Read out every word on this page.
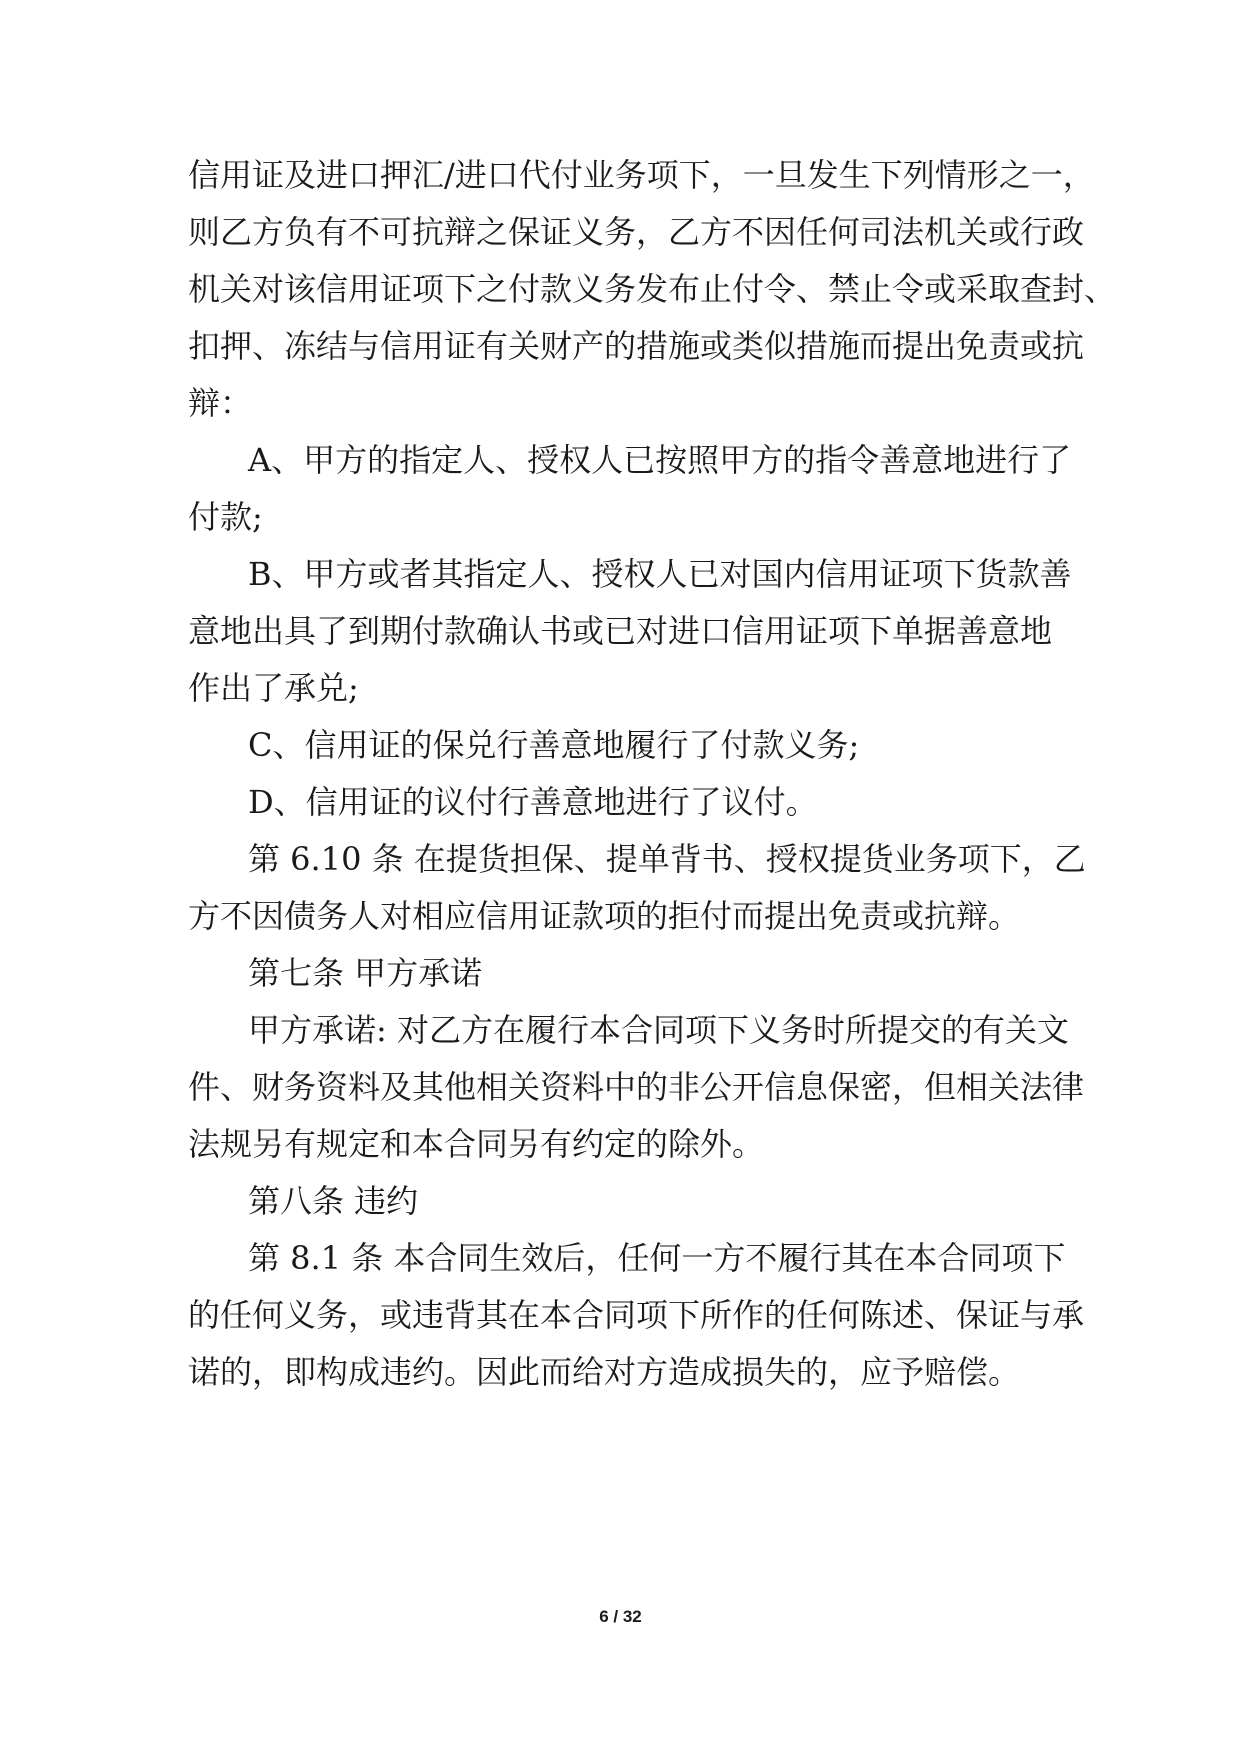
信用证及进口押汇/进口代付业务项下，一旦发生下列情形之一，
则乙方负有不可抗辩之保证义务，乙方不因任何司法机关或行政
机关对该信用证项下之付款义务发布止付令、禁止令或采取查封、
扣押、冻结与信用证有关财产的措施或类似措施而提出免责或抗
辩：
A、甲方的指定人、授权人已按照甲方的指令善意地进行了
付款;
B、甲方或者其指定人、授权人已对国内信用证项下货款善
意地出具了到期付款确认书或已对进口信用证项下单据善意地
作出了承兑;
C、信用证的保兑行善意地履行了付款义务;
D、信用证的议付行善意地进行了议付。
第 6.10 条 在提货担保、提单背书、授权提货业务项下，乙
方不因债务人对相应信用证款项的拒付而提出免责或抗辩。
第七条 甲方承诺
甲方承诺: 对乙方在履行本合同项下义务时所提交的有关文
件、财务资料及其他相关资料中的非公开信息保密，但相关法律
法规另有规定和本合同另有约定的除外。
第八条 违约
第 8.1 条 本合同生效后，任何一方不履行其在本合同项下
的任何义务，或违背其在本合同项下所作的任何陈述、保证与承
诺的，即构成违约。因此而给对方造成损失的，应予赔偿。
6 / 32
